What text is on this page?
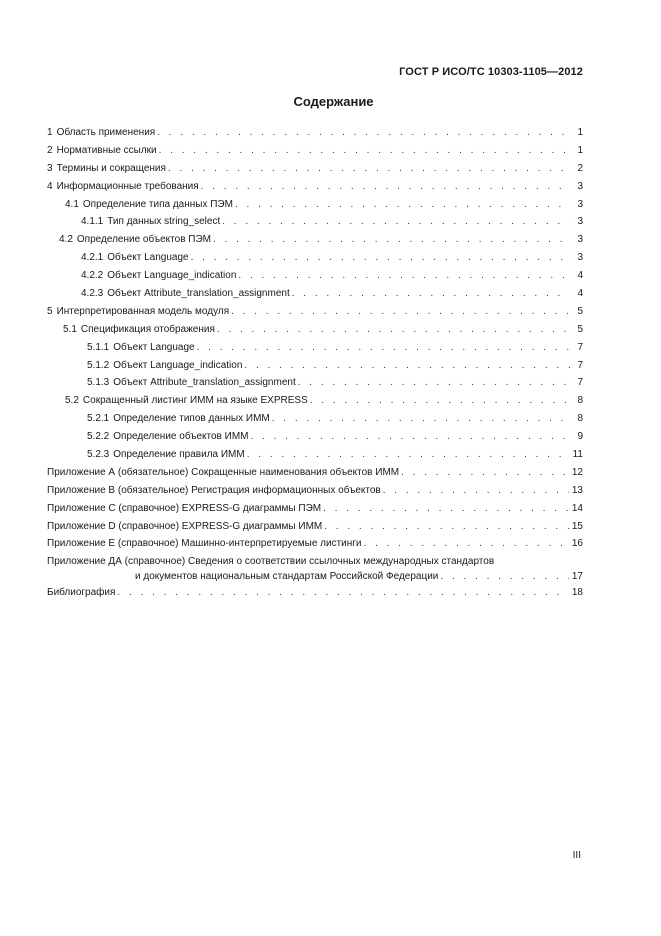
ГОСТ Р ИСО/ТС 10303-1105—2012
Содержание
1 Область применения . . .	1
2 Нормативные ссылки . . .	1
3 Термины и сокращения . . .	2
4 Информационные требования . . .	3
4.1 Определение типа данных ПЭМ . . .	3
4.1.1 Тип данных string_select . . .	3
4.2 Определение объектов ПЭМ . . .	3
4.2.1 Объект Language . . .	3
4.2.2 Объект Language_indication . . .	4
4.2.3 Объект Attribute_translation_assignment . . .	4
5 Интерпретированная модель модуля . . .	5
5.1 Спецификация отображения . . .	5
5.1.1 Объект Language . . .	7
5.1.2 Объект Language_indication . . .	7
5.1.3 Объект Attribute_translation_assignment . . .	7
5.2 Сокращенный листинг ИММ на языке EXPRESS . . .	8
5.2.1 Определение типов данных ИММ . . .	8
5.2.2 Определение объектов ИММ . . .	9
5.2.3 Определение правила ИММ . . .	11
Приложение А (обязательное) Сокращенные наименования объектов ИММ . . .	12
Приложение В (обязательное) Регистрация информационных объектов . . .	13
Приложение С (справочное) EXPRESS-G диаграммы ПЭМ . . .	14
Приложение D (справочное) EXPRESS-G диаграммы ИММ . . .	15
Приложение Е (справочное) Машинно-интерпретируемые листинги . . .	16
Приложение ДА (справочное) Сведения о соответствии ссылочных международных стандартов
и документов национальным стандартам Российской Федерации . . .	17
Библиография . . .	18
III
